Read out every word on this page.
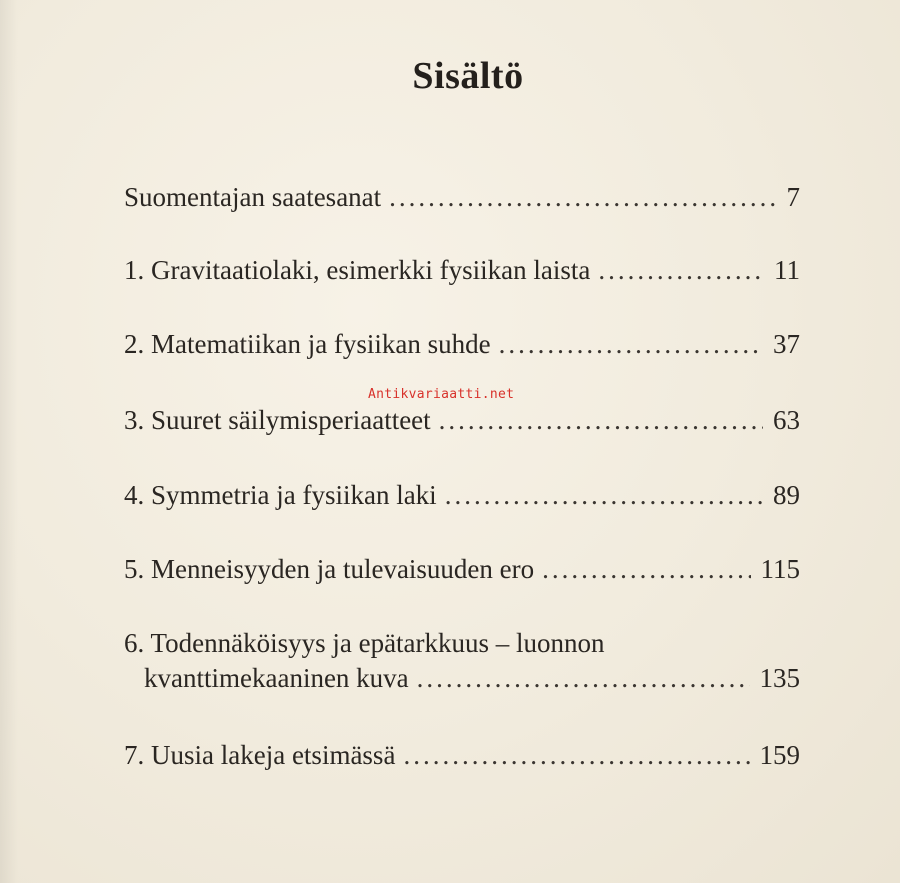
Sisältö
Suomentajan saatesanat .....	7
1. Gravitaatiolaki, esimerkki fysiikan laista .....	11
2. Matematiikan ja fysiikan suhde .....	37
3. Suuret säilymisperiaatteet .....	63
4. Symmetria ja fysiikan laki .....	89
5. Menneisyyden ja tulevaisuuden ero .....	115
6. Todennäköisyys ja epätarkkuus – luonnon
kvanttimekaaninen kuva .....	135
7. Uusia lakeja etsimässä .....	159
Antikvariaatti.net
